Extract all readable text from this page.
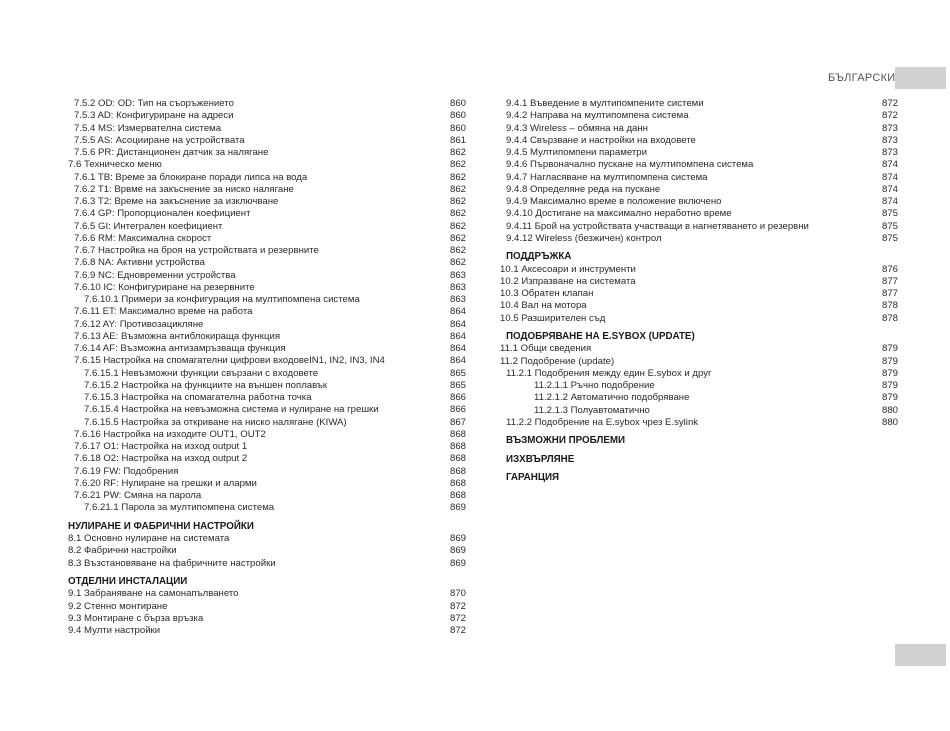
БЪЛГАРСКИ
7.5.2 OD: OD: Тип на съоръжението	860
7.5.3 AD: Конфигуриране на адреси	860
7.5.4 MS: Измервателна система	860
7.5.5 AS: Асоцииране на устройствата	861
7.5.6 PR: Дистанционен датчик за налягане	862
7.6 Техническо меню	862
7.6.1 TB: Време за блокиране поради липса на вода	862
7.6.2 T1: Врвме на закъснение за ниско налягане	862
7.6.3 T2: Време на закъснение за изключване	862
7.6.4 GP: Пропорционален коефициент	862
7.6.5 GI: Интегрален коефициент	862
7.6.6 RM: Максимална скорост	862
7.6.7 Настройка на броя на устройствата и резервните	862
7.6.8 NA: Активни устройства	862
7.6.9 NC: Едновременни устройства	863
7.6.10 IC: Конфигуриране на резервните	863
7.6.10.1 Примери за конфигурация на мултипомпена система	863
7.6.11 ET: Максимално време на работа	864
7.6.12 AY: Противозацикляне	864
7.6.13 AE: Възможна антиблокираща функция	864
7.6.14 AF: Възможна антизамръзваща функция	864
7.6.15 Настройка на спомагателни цифрови входовеIN1, IN2, IN3, IN4	864
7.6.15.1 Невъзможни функции свързани с входовете	865
7.6.15.2 Настройка на функциите на външен поплавък	865
7.6.15.3 Настройка на спомагателна работна точка	866
7.6.15.4 Настройка на невъзможна система и нулиране на грешки	866
7.6.15.5 Настройка за откриване на ниско налягане (KIWA)	867
7.6.16 Настройка на изходите OUT1, OUT2	868
7.6.17 O1: Настройка на изход output 1	868
7.6.18 O2: Настройка на изход output 2	868
7.6.19 FW: Подобрения	868
7.6.20 RF: Нулиране на грешки и аларми	868
7.6.21 PW: Смяна на парола	868
7.6.21.1 Парола за мултипомпена система	869
НУЛИРАНЕ И ФАБРИЧНИ НАСТРОЙКИ
8.1 Основно нулиране на системата	869
8.2 Фабрични настройки	869
8.3 Възстановяване на фабричните настройки	869
ОТДЕЛНИ ИНСТАЛАЦИИ
9.1 Забраняване на самонапълването	870
9.2 Стенно монтиране	872
9.3 Монтиране с бърза връзка	872
9.4 Мулти настройки	872
9.4.1 Въведение в мултипомпените системи	872
9.4.2 Направа на мултипомпена система	872
9.4.3 Wireless – обмяна на данн	873
9.4.4 Свързване и настройки на входовете	873
9.4.5 Мултипомпени параметри	873
9.4.6 Първоначално пускане на мултипомпена система	874
9.4.7 Нагласяване на мултипомпена система	874
9.4.8 Определяне реда на пускане	874
9.4.9 Максимално време в положение включено	874
9.4.10 Достигане на максимално неработно време	875
9.4.11 Брой на устройствата участващи в нагнетяването и резервни	875
9.4.12 Wireless (безжичен) контрол	875
ПОДДРЪЖКА
10.1 Аксесоари и инструменти	876
10.2 Изпразване на системата	877
10.3 Обратен клапан	877
10.4 Вал на мотора	878
10.5 Разширителен съд	878
ПОДОБРЯВАНЕ НА E.SYBOX (UPDATE)
11.1 Общи сведения	879
11.2 Подобрение (update)	879
11.2.1 Подобрения между един E.sybox и друг	879
11.2.1.1 Ръчно подобрение	879
11.2.1.2 Автоматично подобряване	879
11.2.1.3 Полуавтоматично	880
11.2.2 Подобрение на E.sybox чрез E.sylink	880
ВЪЗМОЖНИ ПРОБЛЕМИ
ИЗХВЪРЛЯНЕ
ГАРАНЦИЯ
